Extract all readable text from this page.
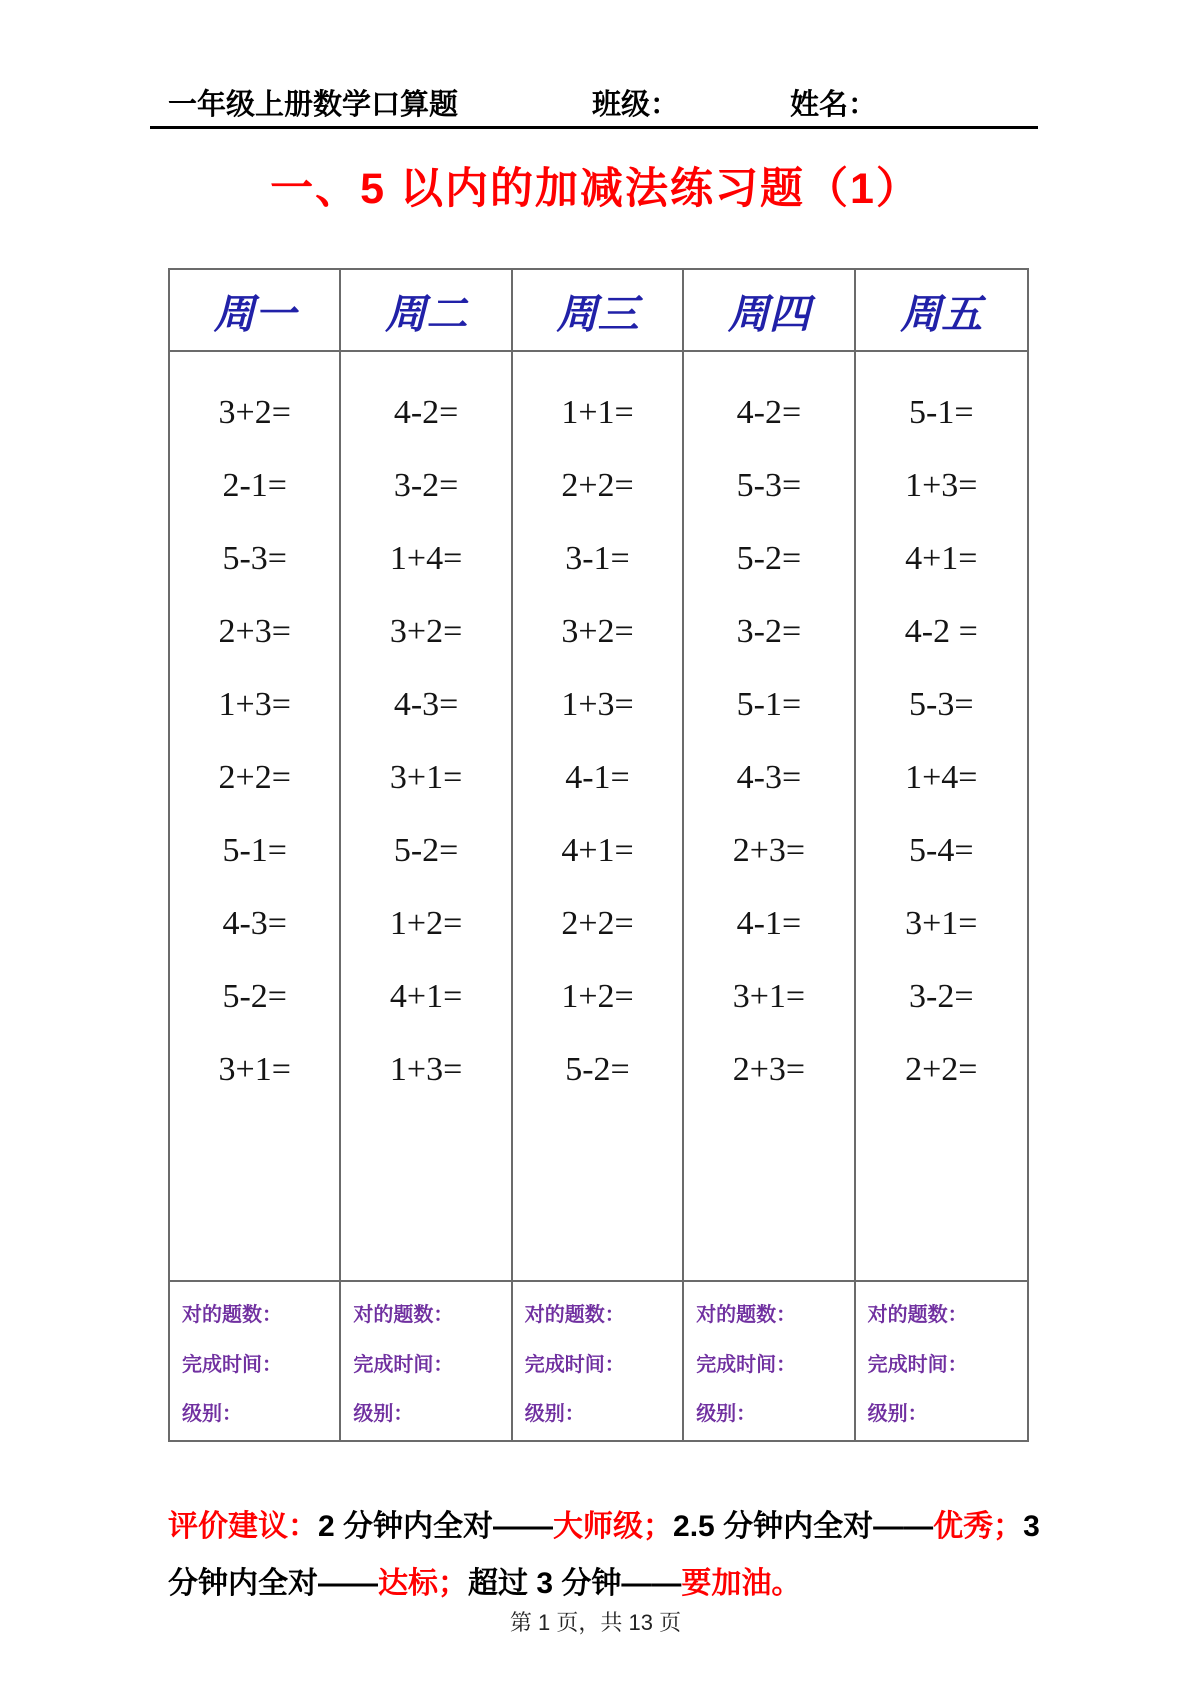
一年级上册数学口算题	班级：	姓名：
一、5 以内的加减法练习题（1）
周一
3+2=
2-1=
5-3=
2+3=
1+3=
2+2=
5-1=
4-3=
5-2=
3+1=
对的题数：
完成时间：
级别：
周二
4-2=
3-2=
1+4=
3+2=
4-3=
3+1=
5-2=
1+2=
4+1=
1+3=
对的题数：
完成时间：
级别：
周三
1+1=
2+2=
3-1=
3+2=
1+3=
4-1=
4+1=
2+2=
1+2=
5-2=
对的题数：
完成时间：
级别：
周四
4-2=
5-3=
5-2=
3-2=
5-1=
4-3=
2+3=
4-1=
3+1=
2+3=
对的题数：
完成时间：
级别：
周五
5-1=
1+3=
4+1=
4-2 =
5-3=
1+4=
5-4=
3+1=
3-2=
2+2=
对的题数：
完成时间：
级别：
评价建议：2 分钟内全对——大师级；2.5 分钟内全对——优秀；3
分钟内全对——达标；超过 3 分钟——要加油。
第 1 页，共 13 页
